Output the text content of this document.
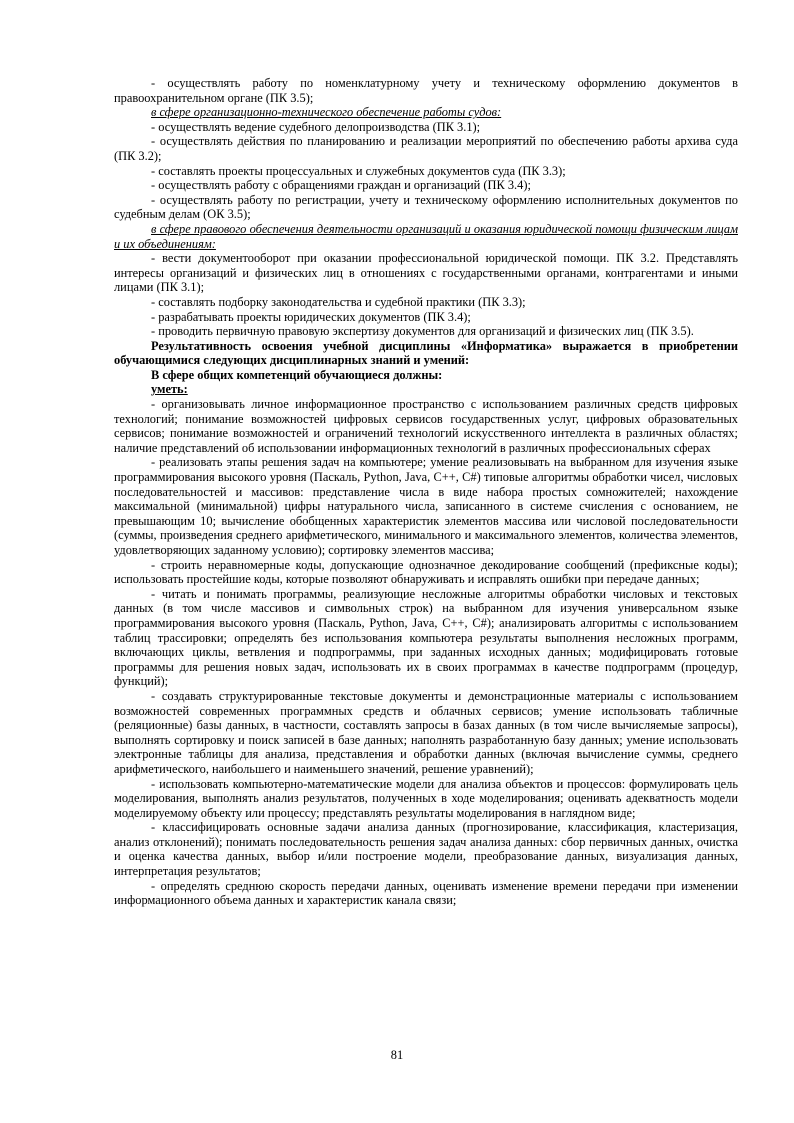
- осуществлять работу по номенклатурному учету и техническому оформлению документов в правоохранительном органе (ПК 3.5);

в сфере организационно-технического обеспечение работы судов:

- осуществлять ведение судебного делопроизводства (ПК 3.1);

- осуществлять действия по планированию и реализации мероприятий по обеспечению работы архива суда (ПК 3.2);

- составлять проекты процессуальных и служебных документов суда (ПК 3.3);

- осуществлять работу с обращениями граждан и организаций (ПК 3.4);

- осуществлять работу по регистрации, учету и техническому оформлению исполнительных документов по судебным делам (ОК 3.5);

в сфере правового обеспечения деятельности организаций и оказания юридической помощи физическим лицам и их объединениям:

- вести документооборот при оказании профессиональной юридической помощи. ПК 3.2. Представлять интересы организаций и физических лиц в отношениях с государственными органами, контрагентами и иными лицами (ПК 3.1);

- составлять подборку законодательства и судебной практики (ПК 3.3);

- разрабатывать проекты юридических документов (ПК 3.4);

- проводить первичную правовую экспертизу документов для организаций и физических лиц (ПК 3.5).

Результативность освоения учебной дисциплины «Информатика» выражается в приобретении обучающимися следующих дисциплинарных знаний и умений:

В сфере общих компетенций обучающиеся должны:

уметь:

- организовывать личное информационное пространство с использованием различных средств цифровых технологий; понимание возможностей цифровых сервисов государственных услуг, цифровых образовательных сервисов; понимание возможностей и ограничений технологий искусственного интеллекта в различных областях; наличие представлений об использовании информационных технологий в различных профессиональных сферах

- реализовать этапы решения задач на компьютере; умение реализовывать на выбранном для изучения языке программирования высокого уровня (Паскаль, Python, Java, C++, C#) типовые алгоритмы обработки чисел, числовых последовательностей и массивов: представление числа в виде набора простых сомножителей; нахождение максимальной (минимальной) цифры натурального числа, записанного в системе счисления с основанием, не превышающим 10; вычисление обобщенных характеристик элементов массива или числовой последовательности (суммы, произведения среднего арифметического, минимального и максимального элементов, количества элементов, удовлетворяющих заданному условию); сортировку элементов массива;

- строить неравномерные коды, допускающие однозначное декодирование сообщений (префиксные коды); использовать простейшие коды, которые позволяют обнаруживать и исправлять ошибки при передаче данных;

- читать и понимать программы, реализующие несложные алгоритмы обработки числовых и текстовых данных (в том числе массивов и символьных строк) на выбранном для изучения универсальном языке программирования высокого уровня (Паскаль, Python, Java, C++, C#); анализировать алгоритмы с использованием таблиц трассировки; определять без использования компьютера результаты выполнения несложных программ, включающих циклы, ветвления и подпрограммы, при заданных исходных данных; модифицировать готовые программы для решения новых задач, использовать их в своих программах в качестве подпрограмм (процедур, функций);

- создавать структурированные текстовые документы и демонстрационные материалы с использованием возможностей современных программных средств и облачных сервисов; умение использовать табличные (реляционные) базы данных, в частности, составлять запросы в базах данных (в том числе вычисляемые запросы), выполнять сортировку и поиск записей в базе данных; наполнять разработанную базу данных; умение использовать электронные таблицы для анализа, представления и обработки данных (включая вычисление суммы, среднего арифметического, наибольшего и наименьшего значений, решение уравнений);

- использовать компьютерно-математические модели для анализа объектов и процессов: формулировать цель моделирования, выполнять анализ результатов, полученных в ходе моделирования; оценивать адекватность модели моделируемому объекту или процессу; представлять результаты моделирования в наглядном виде;

- классифицировать основные задачи анализа данных (прогнозирование, классификация, кластеризация, анализ отклонений); понимать последовательность решения задач анализа данных: сбор первичных данных, очистка и оценка качества данных, выбор и/или построение модели, преобразование данных, визуализация данных, интерпретация результатов;

- определять среднюю скорость передачи данных, оценивать изменение времени передачи при изменении информационного объема данных и характеристик канала связи;

81
